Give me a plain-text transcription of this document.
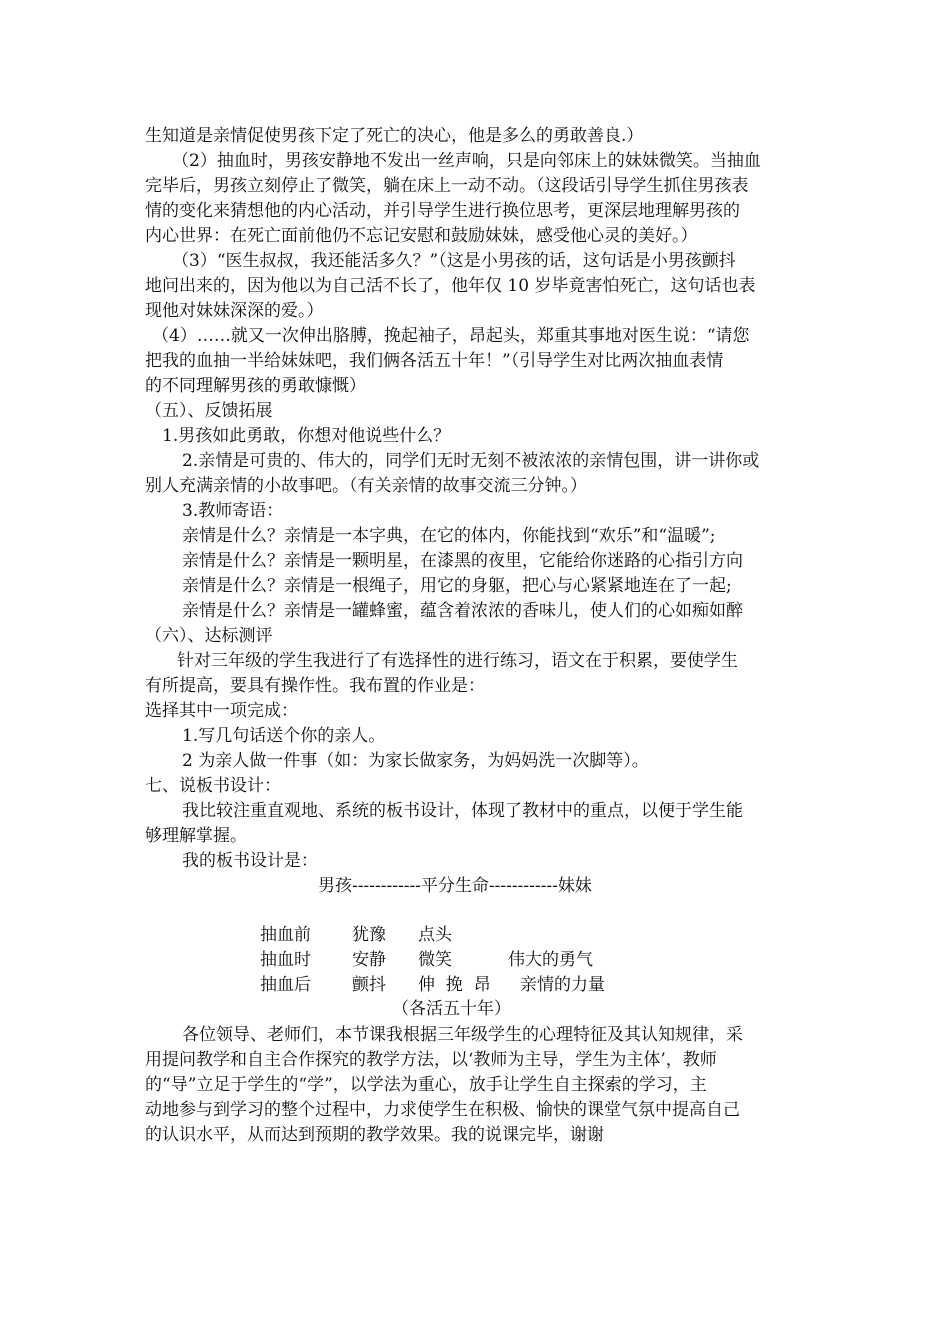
生知道是亲情促使男孩下定了死亡的决心，他是多么的勇敢善良.）
（2）抽血时，男孩安静地不发出一丝声响，只是向邻床上的妹妹微笑。当抽血
完毕后，男孩立刻停止了微笑，躺在床上一动不动。（这段话引导学生抓住男孩表
情的变化来猜想他的内心活动，并引导学生进行换位思考，更深层地理解男孩的
内心世界：在死亡面前他仍不忘记安慰和鼓励妹妹，感受他心灵的美好。）
（3）“医生叔叔，我还能活多久？”（这是小男孩的话，这句话是小男孩颤抖
地问出来的，因为他以为自己活不长了，他年仅 10 岁毕竟害怕死亡，这句话也表
现他对妹妹深深的爱。）
（4）……就又一次伸出胳膊，挽起袖子，昂起头，郑重其事地对医生说：“请您
把我的血抽一半给妹妹吧，我们俩各活五十年！”（引导学生对比两次抽血表情
的不同理解男孩的勇敢慷慨）
（五）、反馈拓展
1.男孩如此勇敢，你想对他说些什么？
2.亲情是可贵的、伟大的，同学们无时无刻不被浓浓的亲情包围，讲一讲你或
别人充满亲情的小故事吧。（有关亲情的故事交流三分钟。）
3.教师寄语：
亲情是什么？亲情是一本字典，在它的体内，你能找到“欢乐”和“温暖”;
亲情是什么？亲情是一颗明星，在漆黑的夜里，它能给你迷路的心指引方向
亲情是什么？亲情是一根绳子，用它的身躯，把心与心紧紧地连在了一起;
亲情是什么？亲情是一罐蜂蜜，蕴含着浓浓的香味儿，使人们的心如痴如醉
（六）、达标测评
针对三年级的学生我进行了有选择性的进行练习，语文在于积累，要使学生
有所提高，要具有操作性。我布置的作业是：
选择其中一项完成：
1.写几句话送个你的亲人。
2 为亲人做一件事（如：为家长做家务，为妈妈洗一次脚等）。
七、说板书设计：
我比较注重直观地、系统的板书设计，体现了教材中的重点，以便于学生能
够理解掌握。
我的板书设计是：
男孩------------平分生命------------妹妹
抽血前 犹豫 点头
抽血时 安静 微笑	伟大的勇气
抽血后 颤抖 伸  挽  昂 亲情的力量
（各活五十年）
各位领导、老师们，本节课我根据三年级学生的心理特征及其认知规律，采
用提问教学和自主合作探究的教学方法，以‘教师为主导，学生为主体’，教师
的“导”立足于学生的“学”，以学法为重心，放手让学生自主探索的学习，主
动地参与到学习的整个过程中，力求使学生在积极、愉快的课堂气氛中提高自己
的认识水平，从而达到预期的教学效果。我的说课完毕，谢谢
